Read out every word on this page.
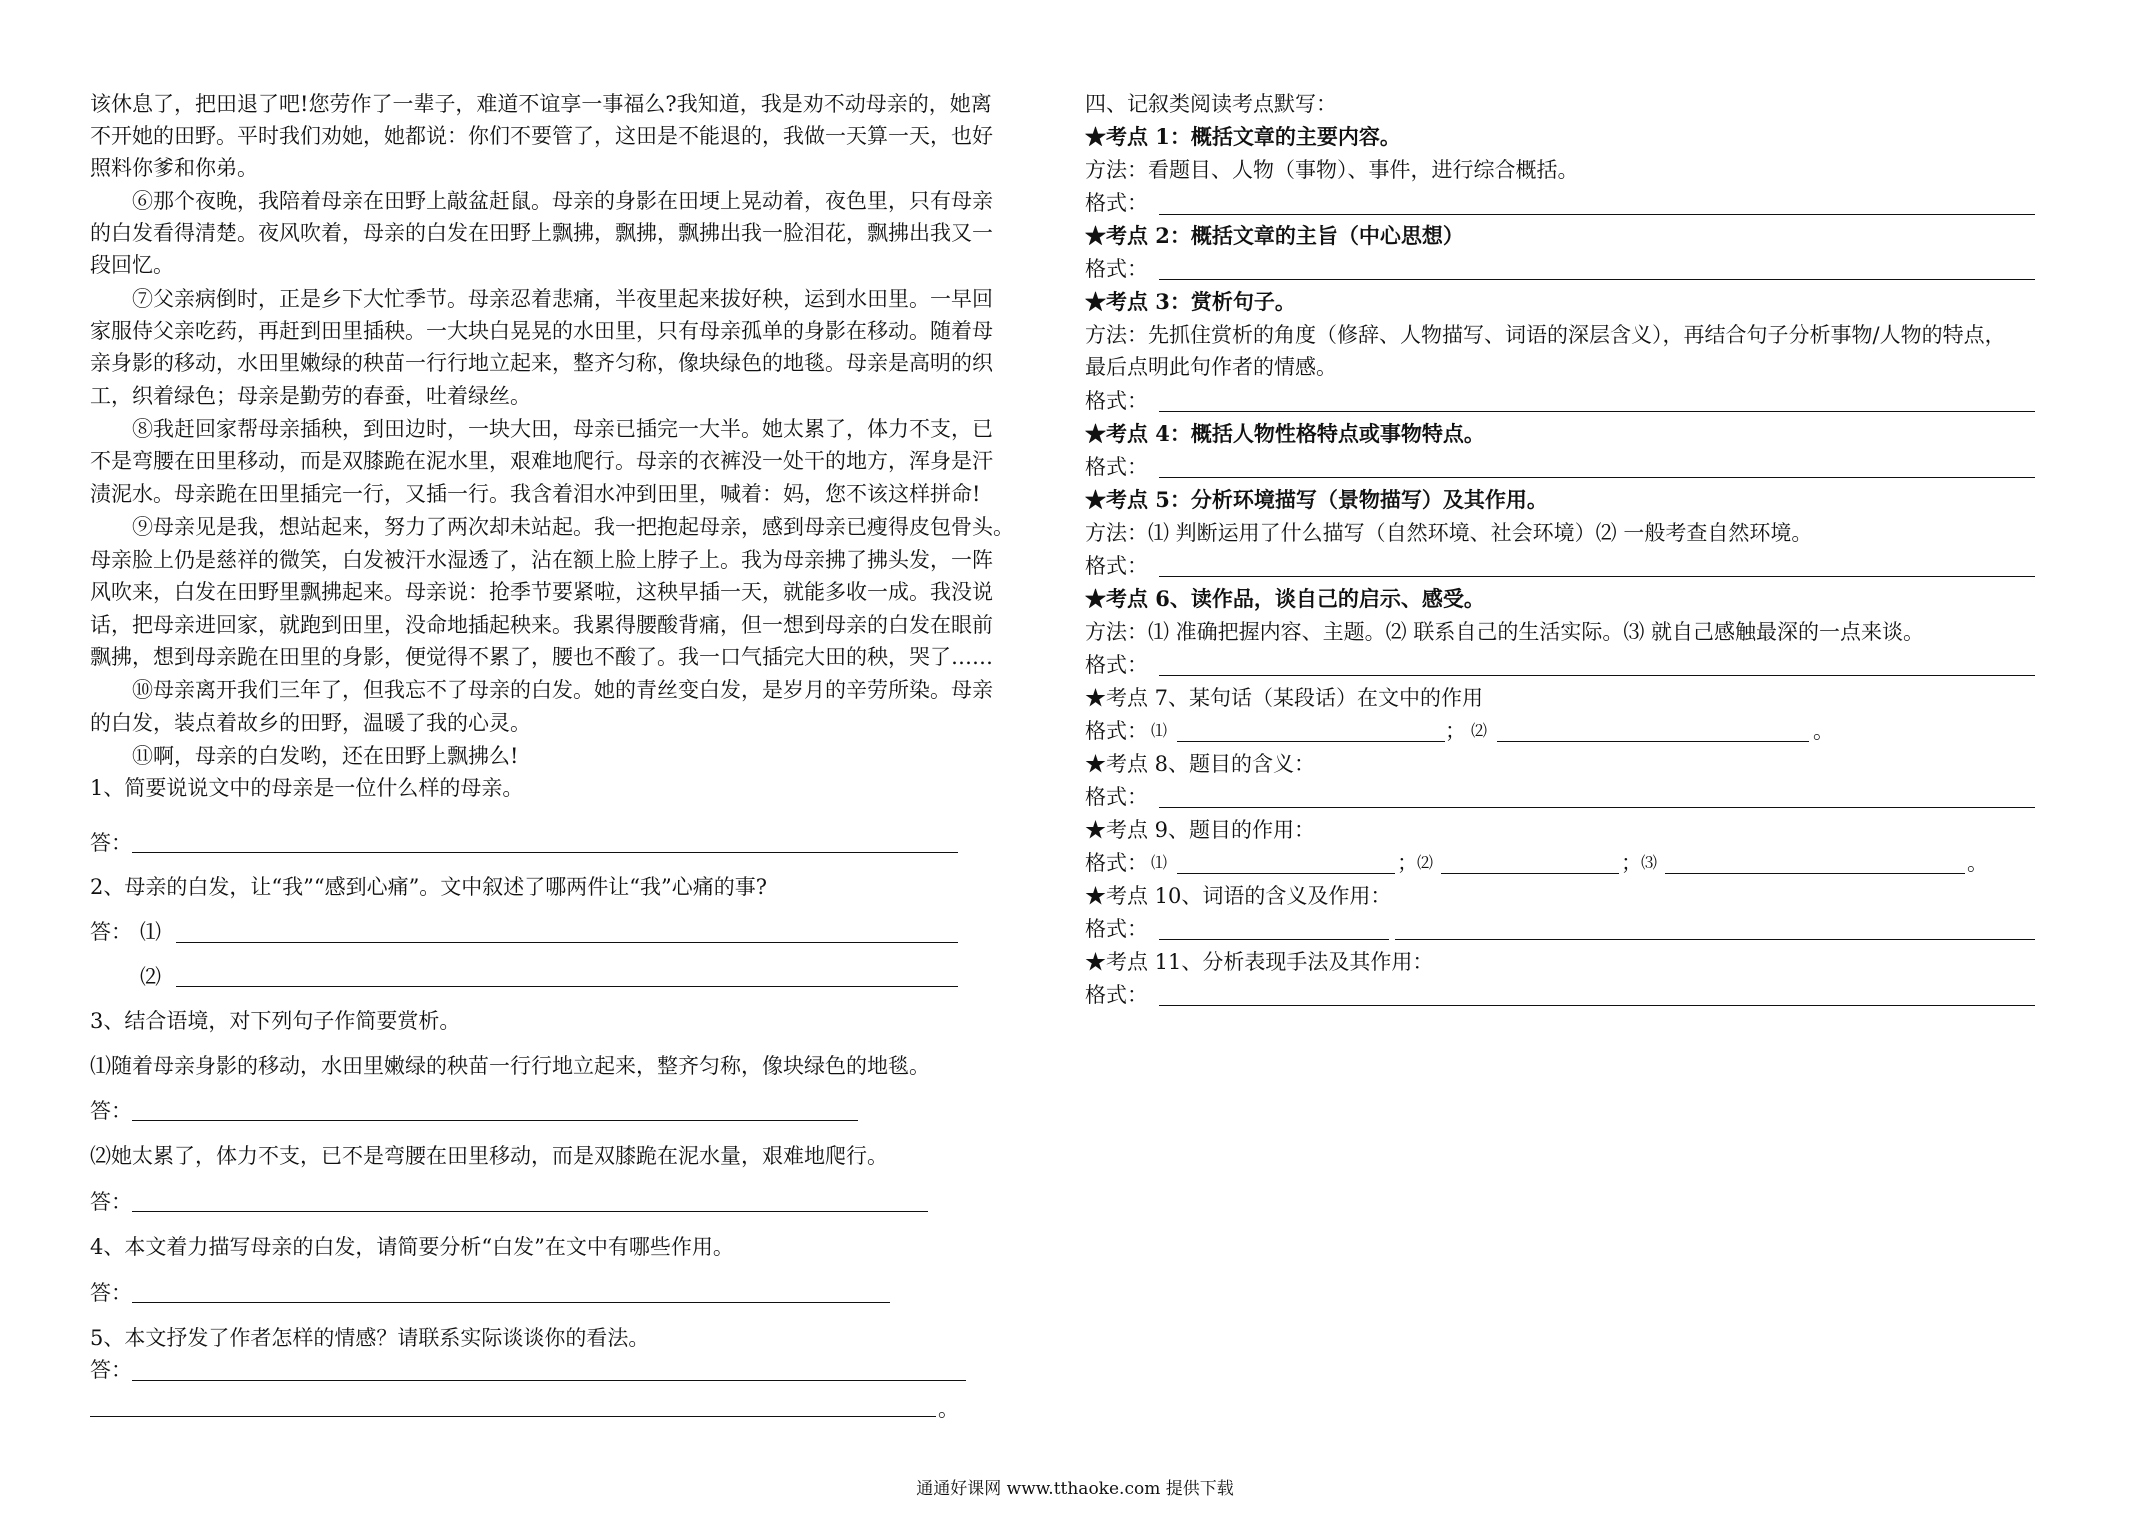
该休息了，把田退了吧!您劳作了一辈子，难道不谊享一事福么?我知道，我是劝不动母亲的，她离
不开她的田野。平时我们劝她，她都说：你们不要管了，这田是不能退的，我做一天算一天，也好
照料你爹和你弟。
⑥那个夜晚，我陪着母亲在田野上敲盆赶鼠。母亲的身影在田埂上晃动着，夜色里，只有母亲
的白发看得清楚。夜风吹着，母亲的白发在田野上飘拂，飘拂，飘拂出我一脸泪花，飘拂出我又一
段回忆。
⑦父亲病倒时，正是乡下大忙季节。母亲忍着悲痛，半夜里起来拔好秧，运到水田里。一早回
家服侍父亲吃药，再赶到田里插秧。一大块白晃晃的水田里，只有母亲孤单的身影在移动。随着母
亲身影的移动，水田里嫩绿的秧苗一行行地立起来，整齐匀称，像块绿色的地毯。母亲是高明的织
工，织着绿色；母亲是勤劳的春蚕，吐着绿丝。
⑧我赶回家帮母亲插秧，到田边时，一块大田，母亲已插完一大半。她太累了，体力不支，已
不是弯腰在田里移动，而是双膝跪在泥水里，艰难地爬行。母亲的衣裤没一处干的地方，浑身是汗
渍泥水。母亲跪在田里插完一行，又插一行。我含着泪水冲到田里，喊着：妈，您不该这样拼命!
⑨母亲见是我，想站起来，努力了两次却未站起。我一把抱起母亲，感到母亲已瘦得皮包骨头。
母亲脸上仍是慈祥的微笑，白发被汗水湿透了，沾在额上脸上脖子上。我为母亲拂了拂头发，一阵
风吹来，白发在田野里飘拂起来。母亲说：抢季节要紧啦，这秧早插一天，就能多收一成。我没说
话，把母亲进回家，就跑到田里，没命地插起秧来。我累得腰酸背痛，但一想到母亲的白发在眼前
飘拂，想到母亲跪在田里的身影，便觉得不累了，腰也不酸了。我一口气插完大田的秧，哭了……
⑩母亲离开我们三年了，但我忘不了母亲的白发。她的青丝变白发，是岁月的辛劳所染。母亲
的白发，装点着故乡的田野，温暖了我的心灵。
⑪啊，母亲的白发哟，还在田野上飘拂么!
1、简要说说文中的母亲是一位什么样的母亲。
答：
2、母亲的白发，让“我”“感到心痛”。文中叙述了哪两件让“我”心痛的事?
答： ⑴
⑵
3、结合语境，对下列句子作简要赏析。
⑴随着母亲身影的移动，水田里嫩绿的秧苗一行行地立起来，整齐匀称，像块绿色的地毯。
答：
⑵她太累了，体力不支，已不是弯腰在田里移动，而是双膝跪在泥水量，艰难地爬行。
答：
4、本文着力描写母亲的白发，请简要分析“白发”在文中有哪些作用。
答：
5、本文抒发了作者怎样的情感？请联系实际谈谈你的看法。
答：
。
四、记叙类阅读考点默写：
★考点 1：概括文章的主要内容。
方法：看题目、人物（事物）、事件，进行综合概括。
格式：
★考点 2：概括文章的主旨（中心思想）
格式：
★考点 3：赏析句子。
方法：先抓住赏析的角度（修辞、人物描写、词语的深层含义），再结合句子分析事物/人物的特点，
最后点明此句作者的情感。
格式：
★考点 4：概括人物性格特点或事物特点。
格式：
★考点 5：分析环境描写（景物描写）及其作用。
方法：⑴ 判断运用了什么描写（自然环境、社会环境）⑵ 一般考查自然环境。
格式：
★考点 6、读作品，谈自己的启示、感受。
方法：⑴ 准确把握内容、主题。⑵ 联系自己的生活实际。⑶ 就自己感触最深的一点来谈。
格式：
★考点 7、某句话（某段话）在文中的作用
格式： ⑴	； ⑵	。
★考点 8、题目的含义：
格式：
★考点 9、题目的作用：
格式： ⑴	； ⑵	； ⑶	。
★考点 10、词语的含义及作用：
格式：
★考点 11、分析表现手法及其作用：
格式：
通通好课网 www.tthaoke.com 提供下载
